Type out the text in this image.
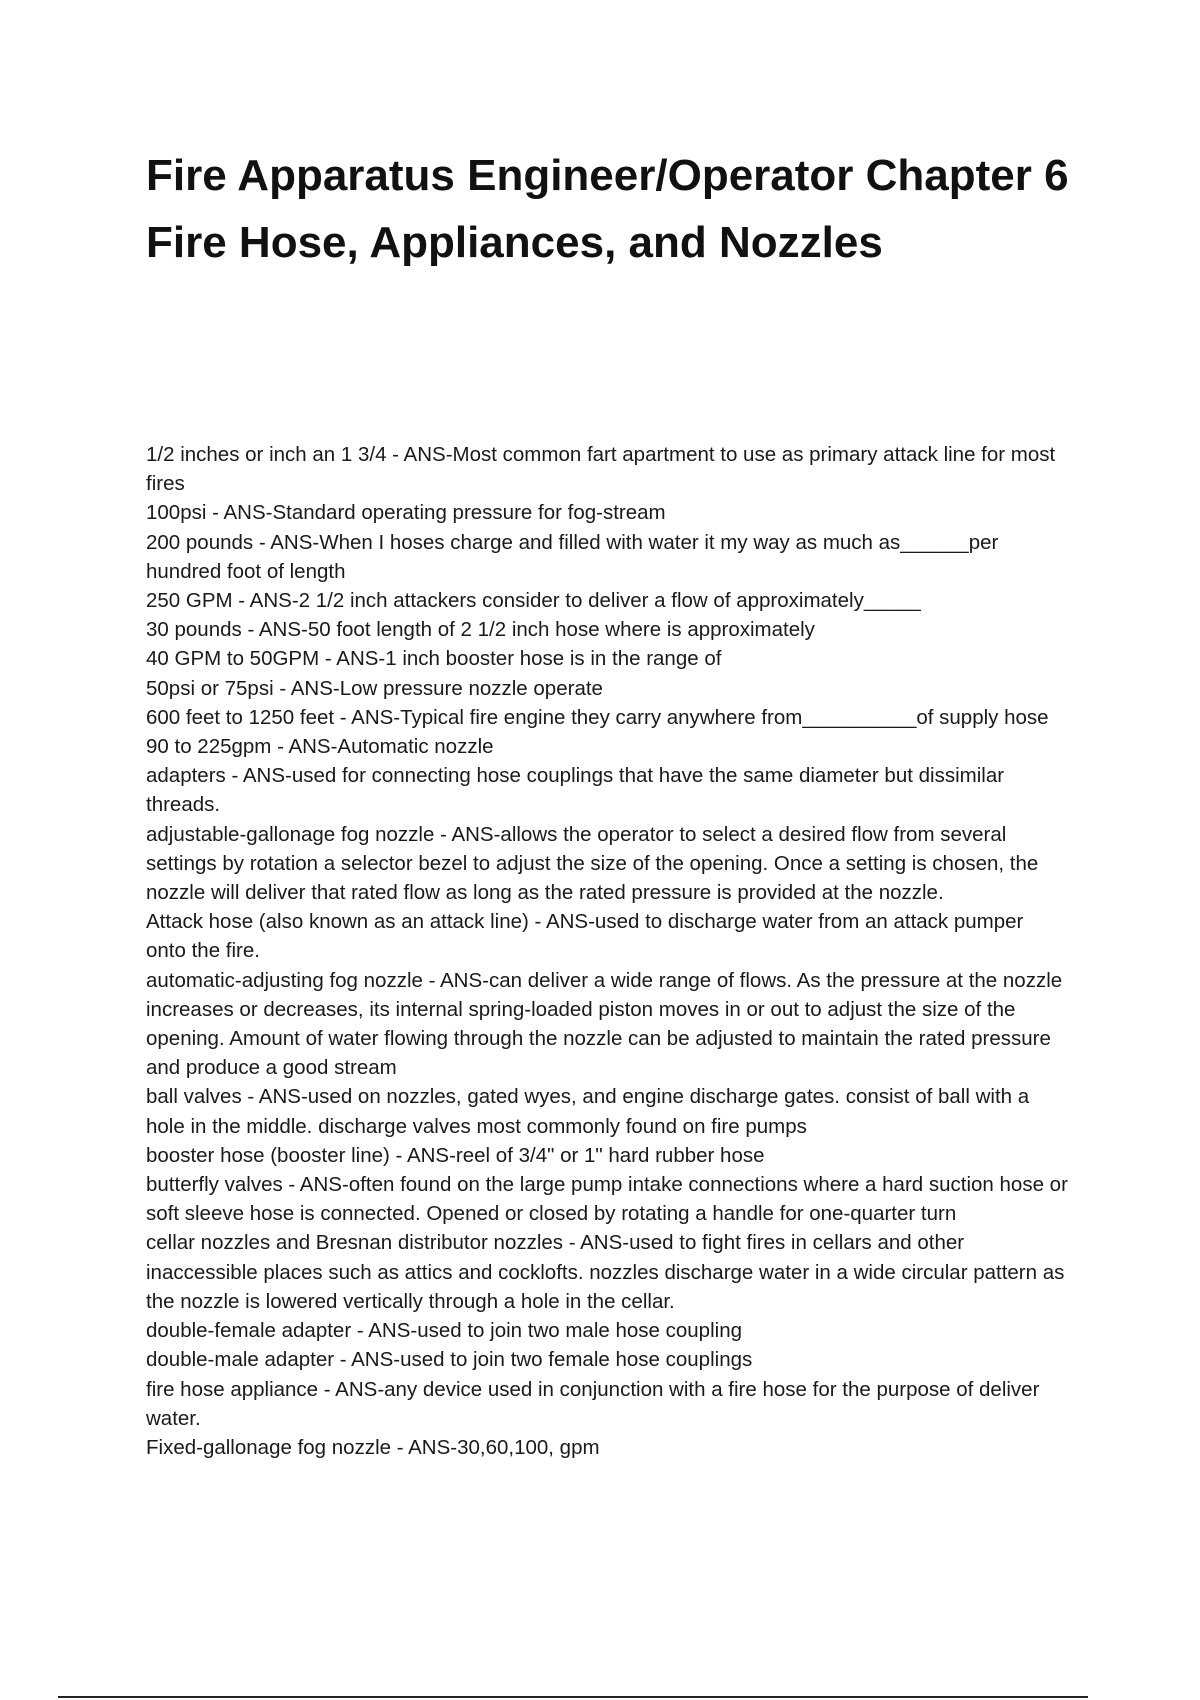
Fire Apparatus Engineer/Operator Chapter 6 Fire Hose, Appliances, and Nozzles

1/2 inches or inch an 1 3/4 - ANS-Most common fart apartment to use as primary attack line for most fires

100psi - ANS-Standard operating pressure for fog-stream

200 pounds - ANS-When I hoses charge and filled with water it my way as much as______per hundred foot of length

250 GPM - ANS-2 1/2 inch attackers consider to deliver a flow of approximately_____

30 pounds - ANS-50 foot length of 2 1/2 inch hose where is approximately

40 GPM to 50GPM - ANS-1 inch booster hose is in the range of

50psi or 75psi - ANS-Low pressure nozzle operate

600 feet to 1250 feet - ANS-Typical fire engine they carry anywhere from__________of supply hose

90 to 225gpm - ANS-Automatic nozzle

adapters - ANS-used for connecting hose couplings that have the same diameter but dissimilar threads.

adjustable-gallonage fog nozzle - ANS-allows the operator to select a desired flow from several settings by rotation a selector bezel to adjust the size of the opening. Once a setting is chosen, the nozzle will deliver that rated flow as long as the rated pressure is provided at the nozzle.

Attack hose (also known as an attack line) - ANS-used to discharge water from an attack pumper onto the fire.

automatic-adjusting fog nozzle - ANS-can deliver a wide range of flows. As the pressure at the nozzle increases or decreases, its internal spring-loaded piston moves in or out to adjust the size of the opening. Amount of water flowing through the nozzle can be adjusted to maintain the rated pressure and produce a good stream

ball valves - ANS-used on nozzles, gated wyes, and engine discharge gates. consist of ball with a hole in the middle. discharge valves most commonly found on fire pumps

booster hose (booster line) - ANS-reel of 3/4" or 1" hard rubber hose

butterfly valves - ANS-often found on the large pump intake connections where a hard suction hose or soft sleeve hose is connected. Opened or closed by rotating a handle for one-quarter turn

cellar nozzles and Bresnan distributor nozzles - ANS-used to fight fires in cellars and other inaccessible places such as attics and cocklofts. nozzles discharge water in a wide circular pattern as the nozzle is lowered vertically through a hole in the cellar.

double-female adapter - ANS-used to join two male hose coupling

double-male adapter - ANS-used to join two female hose couplings

fire hose appliance - ANS-any device used in conjunction with a fire hose for the purpose of deliver water.

Fixed-gallonage fog nozzle - ANS-30,60,100, gpm
